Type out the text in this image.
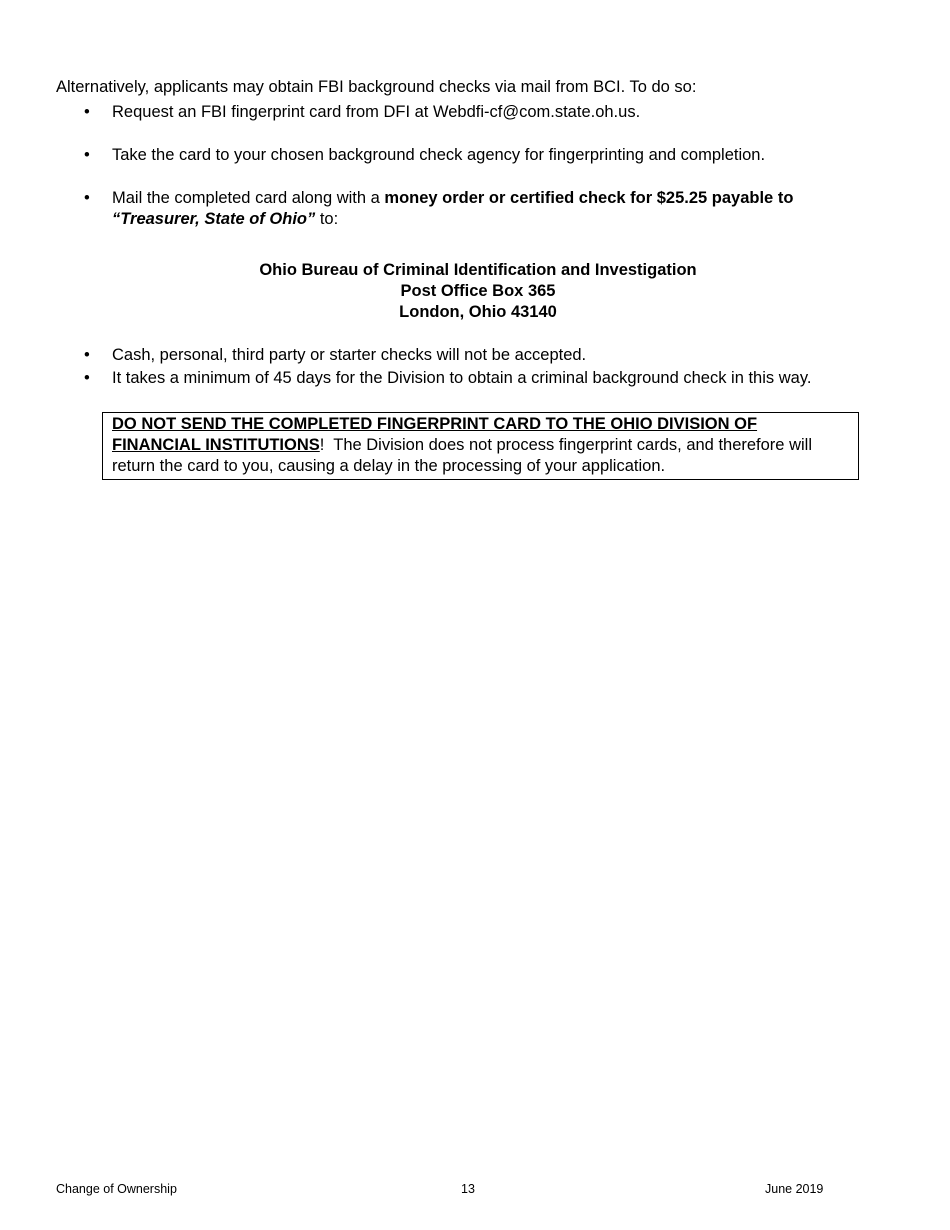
Alternatively, applicants may obtain FBI background checks via mail from BCI. To do so:

• Request an FBI fingerprint card from DFI at Webdfi-cf@com.state.oh.us.
• Take the card to your chosen background check agency for fingerprinting and completion.
• Mail the completed card along with a money order or certified check for $25.25 payable to “Treasurer, State of Ohio” to:
Ohio Bureau of Criminal Identification and Investigation
Post Office Box 365
London, Ohio 43140
• Cash, personal, third party or starter checks will not be accepted.
• It takes a minimum of 45 days for the Division to obtain a criminal background check in this way.
DO NOT SEND THE COMPLETED FINGERPRINT CARD TO THE OHIO DIVISION OF FINANCIAL INSTITUTIONS!  The Division does not process fingerprint cards, and therefore will return the card to you, causing a delay in the processing of your application.
Change of Ownership	13	June 2019
